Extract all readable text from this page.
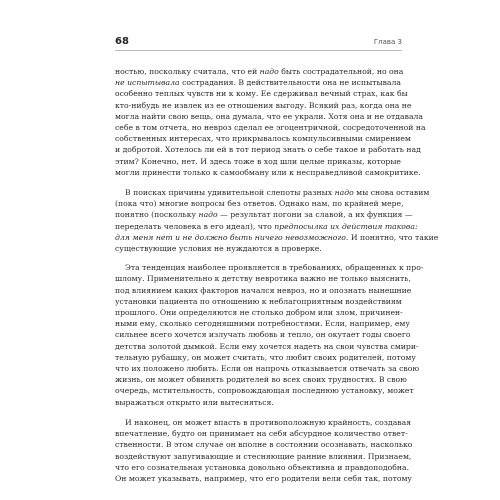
68	Глава 3
ностью, поскольку считала, что ей надо быть сострадательной, но она
не испытывала сострадания. В действительности она не испытывала
особенно теплых чувств ни к кому. Ее сдерживал вечный страх, как бы
кто-нибудь не извлек из ее отношения выгоду. Всякий раз, когда она не
могла найти свою вещь, она думала, что ее украли. Хотя она и не отдавала
себе в том отчета, но невроз сделал ее эгоцентричной, сосредоточенной на
собственных интересах, что прикрывалось компульсивными смирением
и добротой. Хотелось ли ей в тот период знать о себе такое и работать над
этим? Конечно, нет. И здесь тоже в ход шли целые приказы, которые
могли принести только к самообману или к несправедливой самокритике.
В поисках причины удивительной слепоты разных надо мы снова оставим
(пока что) многие вопросы без ответов. Однако нам, по крайней мере,
понятно (поскольку надо — результат погони за славой, а их функция —
переделать человека в его идеал), что предпосылка их действия такова:
для меня нет и не должно быть ничего невозможного. И понятно, что такие
существующие условия не нуждаются в проверке.
Эта тенденция наиболее проявляется в требованиях, обращенных к про-
шлому. Применительно к детству невротика важно не только выяснить,
под влиянием каких факторов начался невроз, но и опознать нынешние
установки пациента по отношению к неблагоприятным воздействиям
прошлого. Они определяются не столько добром или злом, причинен-
ными ему, сколько сегодняшними потребностями. Если, например, ему
сильнее всего хочется излучать любовь и тепло, он окутает годы своего
детства золотой дымкой. Если ему хочется надеть на свои чувства смири-
тельную рубашку, он может считать, что любит своих родителей, потому
что их положено любить. Если он напрочь отказывается отвечать за свою
жизнь, он может обвинять родителей во всех своих трудностях. В свою
очередь, мстительность, сопровождающая последнюю установку, может
выражаться открыто или вытесняться.
И наконец, он может впасть в противоположную крайность, создавая
впечатление, будто он принимает на себя абсурдное количество ответ-
ственности. В этом случае он вполне в состоянии осознавать, насколько
воздействуют запугивающие и стесняющие ранние влияния. Признаем,
что его сознательная установка довольно объективна и правдоподобна.
Он может указывать, например, что его родители вели себя так, потому
